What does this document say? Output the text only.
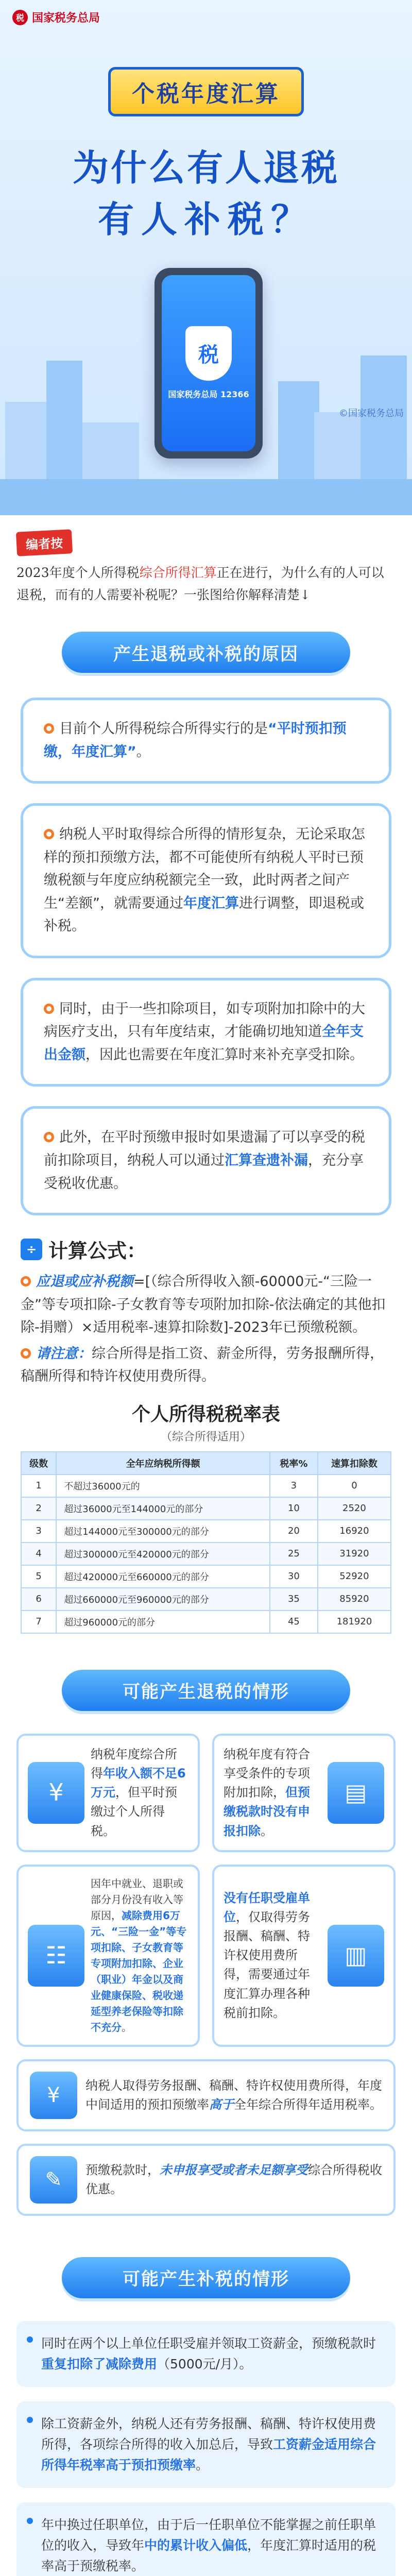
税 国家税务总局
个税年度汇算
为什么有人退税
有人补税？
税
国家税务总局 12366
©国家税务总局
编者按

2023年度个人所得税综合所得汇算正在进行，为什么有的人可以退税，而有的人需要补税呢？一张图给你解释清楚↓

产生退税或补税的原因
目前个人所得税综合所得实行的是“平时预扣预缴，年度汇算”。
纳税人平时取得综合所得的情形复杂，无论采取怎样的预扣预缴方法，都不可能使所有纳税人平时已预缴税额与年度应纳税额完全一致，此时两者之间产生“差额”，就需要通过年度汇算进行调整，即退税或补税。
同时，由于一些扣除项目，如专项附加扣除中的大病医疗支出，只有年度结束，才能确切地知道全年支出金额，因此也需要在年度汇算时来补充享受扣除。
此外，在平时预缴申报时如果遗漏了可以享受的税前扣除项目，纳税人可以通过汇算查遗补漏，充分享受税收优惠。
÷ 计算公式：

应退或应补税额=[（综合所得收入额-60000元-“三险一金”等专项扣除-子女教育等专项附加扣除-依法确定的其他扣除-捐赠）×适用税率-速算扣除数]-2023年已预缴税额。

请注意：综合所得是指工资、薪金所得，劳务报酬所得，稿酬所得和特许权使用费所得。

个人所得税税率表
（综合所得适用）
级数	全年应纳税所得额	税率%	速算扣除数
1	不超过36000元的	3	0
2	超过36000元至144000元的部分	10	2520
3	超过144000元至300000元的部分	20	16920
4	超过300000元至420000元的部分	25	31920
5	超过420000元至660000元的部分	30	52920
6	超过660000元至960000元的部分	35	85920
7	超过960000元的部分	45	181920
可能产生退税的情形
¥
纳税年度综合所得年收入额不足6万元，但平时预缴过个人所得税。
纳税年度有符合享受条件的专项附加扣除，但预缴税款时没有申报扣除。
▤
☷
因年中就业、退职或部分月份没有收入等原因，减除费用6万元、“三险一金”等专项扣除、子女教育等专项附加扣除、企业（职业）年金以及商业健康保险、税收递延型养老保险等扣除不充分。
没有任职受雇单位，仅取得劳务报酬、稿酬、特许权使用费所得，需要通过年度汇算办理各种税前扣除。
▥
¥	纳税人取得劳务报酬、稿酬、特许权使用费所得，年度中间适用的预扣预缴率高于全年综合所得年适用税率。
✎	预缴税款时，未申报享受或者未足额享受综合所得税收优惠。
可能产生补税的情形
同时在两个以上单位任职受雇并领取工资薪金，预缴税款时重复扣除了减除费用（5000元/月）。
除工资薪金外，纳税人还有劳务报酬、稿酬、特许权使用费所得，各项综合所得的收入加总后，导致工资薪金适用综合所得年税率高于预扣预缴率。
年中换过任职单位，由于后一任职单位不能掌握之前任职单位的收入，导致年中的累计收入偏低，年度汇算时适用的税率高于预缴税率。
